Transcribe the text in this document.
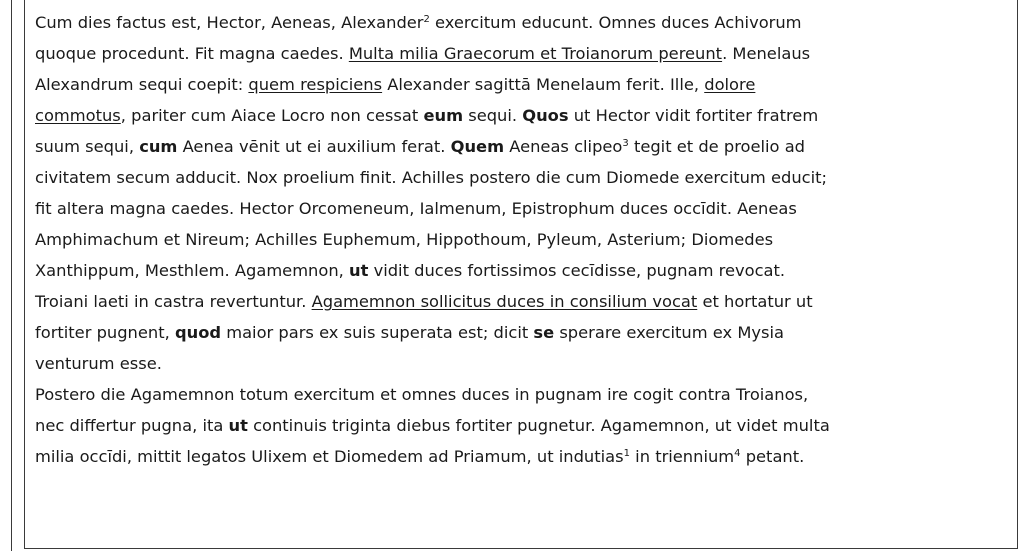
Cum dies factus est, Hector, Aeneas, Alexander$^2$ exercitum educunt. Omnes duces Achivorum
quoque procedunt. Fit magna caedes. Multa milia Graecorum et Troianorum pereunt. Menelaus
Alexandrum sequi coepit: quem respiciens Alexander sagittā Menelaum ferit. Ille, dolore
commotus, pariter cum Aiace Locro non cessat eum sequi. Quos ut Hector vidit fortiter fratrem
suum sequi, cum Aenea vēnit ut ei auxilium ferat. Quem Aeneas clipeo$^3$ tegit et de proelio ad
civitatem secum adducit. Nox proelium finit. Achilles postero die cum Diomede exercitum educit;
fit altera magna caedes. Hector Orcomeneum, Ialmenum, Epistrophum duces occīdit. Aeneas
Amphimachum et Nireum; Achilles Euphemum, Hippothoum, Pyleum, Asterium; Diomedes
Xanthippum, Mesthlem. Agamemnon, ut vidit duces fortissimos cecīdisse, pugnam revocat.
Troiani laeti in castra revertuntur. Agamemnon sollicitus duces in consilium vocat et hortatur ut
fortiter pugnent, quod maior pars ex suis superata est; dicit se sperare exercitum ex Mysia
venturum esse.
Postero die Agamemnon totum exercitum et omnes duces in pugnam ire cogit contra Troianos,
nec differtur pugna, ita ut continuis triginta diebus fortiter pugnetur. Agamemnon, ut videt multa
milia occīdi, mittit legatos Ulixem et Diomedem ad Priamum, ut indutias$^1$ in triennium$^4$ petant.
